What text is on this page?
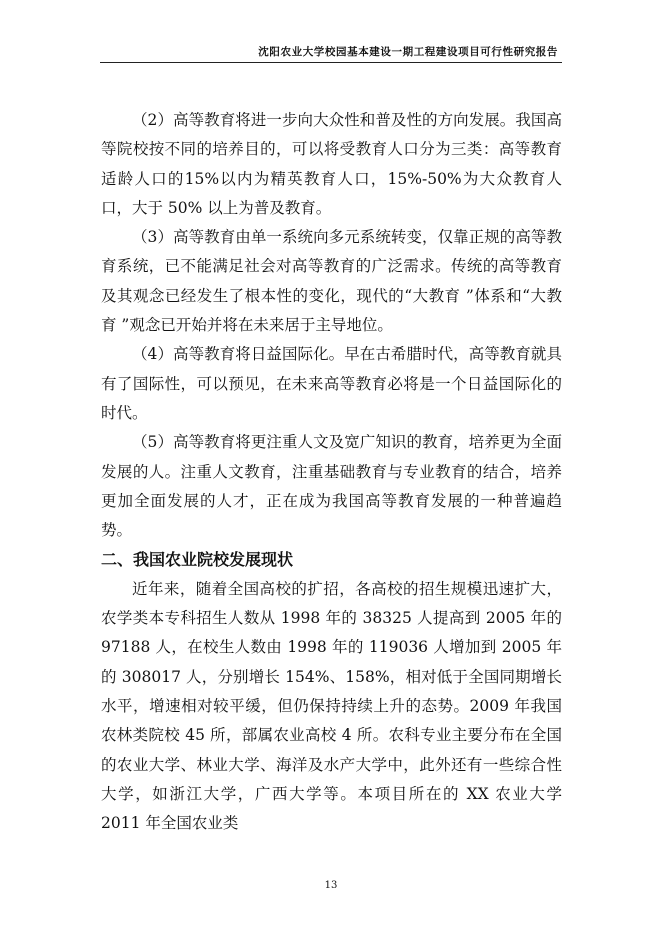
沈阳农业大学校园基本建设一期工程建设项目可行性研究报告

（2）高等教育将进一步向大众性和普及性的方向发展。我国高等院校按不同的培养目的，可以将受教育人口分为三类：高等教育适龄人口的15%以内为精英教育人口，15%-50%为大众教育人口，大于 50% 以上为普及教育。

（3）高等教育由单一系统向多元系统转变，仅靠正规的高等教育系统，已不能满足社会对高等教育的广泛需求。传统的高等教育及其观念已经发生了根本性的变化，现代的“大教育 ”体系和“大教育 ”观念已开始并将在未来居于主导地位。

（4）高等教育将日益国际化。早在古希腊时代，高等教育就具有了国际性，可以预见，在未来高等教育必将是一个日益国际化的时代。

（5）高等教育将更注重人文及宽广知识的教育，培养更为全面发展的人。注重人文教育，注重基础教育与专业教育的结合，培养更加全面发展的人才，正在成为我国高等教育发展的一种普遍趋势。

二、我国农业院校发展现状

近年来，随着全国高校的扩招，各高校的招生规模迅速扩大，农学类本专科招生人数从 1998 年的 38325 人提高到 2005 年的 97188 人，在校生人数由 1998 年的 119036 人增加到 2005 年的 308017 人，分别增长 154%、158%，相对低于全国同期增长水平，增速相对较平缓，但仍保持持续上升的态势。2009 年我国农林类院校 45 所，部属农业高校 4 所。农科专业主要分布在全国的农业大学、林业大学、海洋及水产大学中，此外还有一些综合性大学，如浙江大学，广西大学等。本项目所在的 XX 农业大学 2011 年全国农业类

13
